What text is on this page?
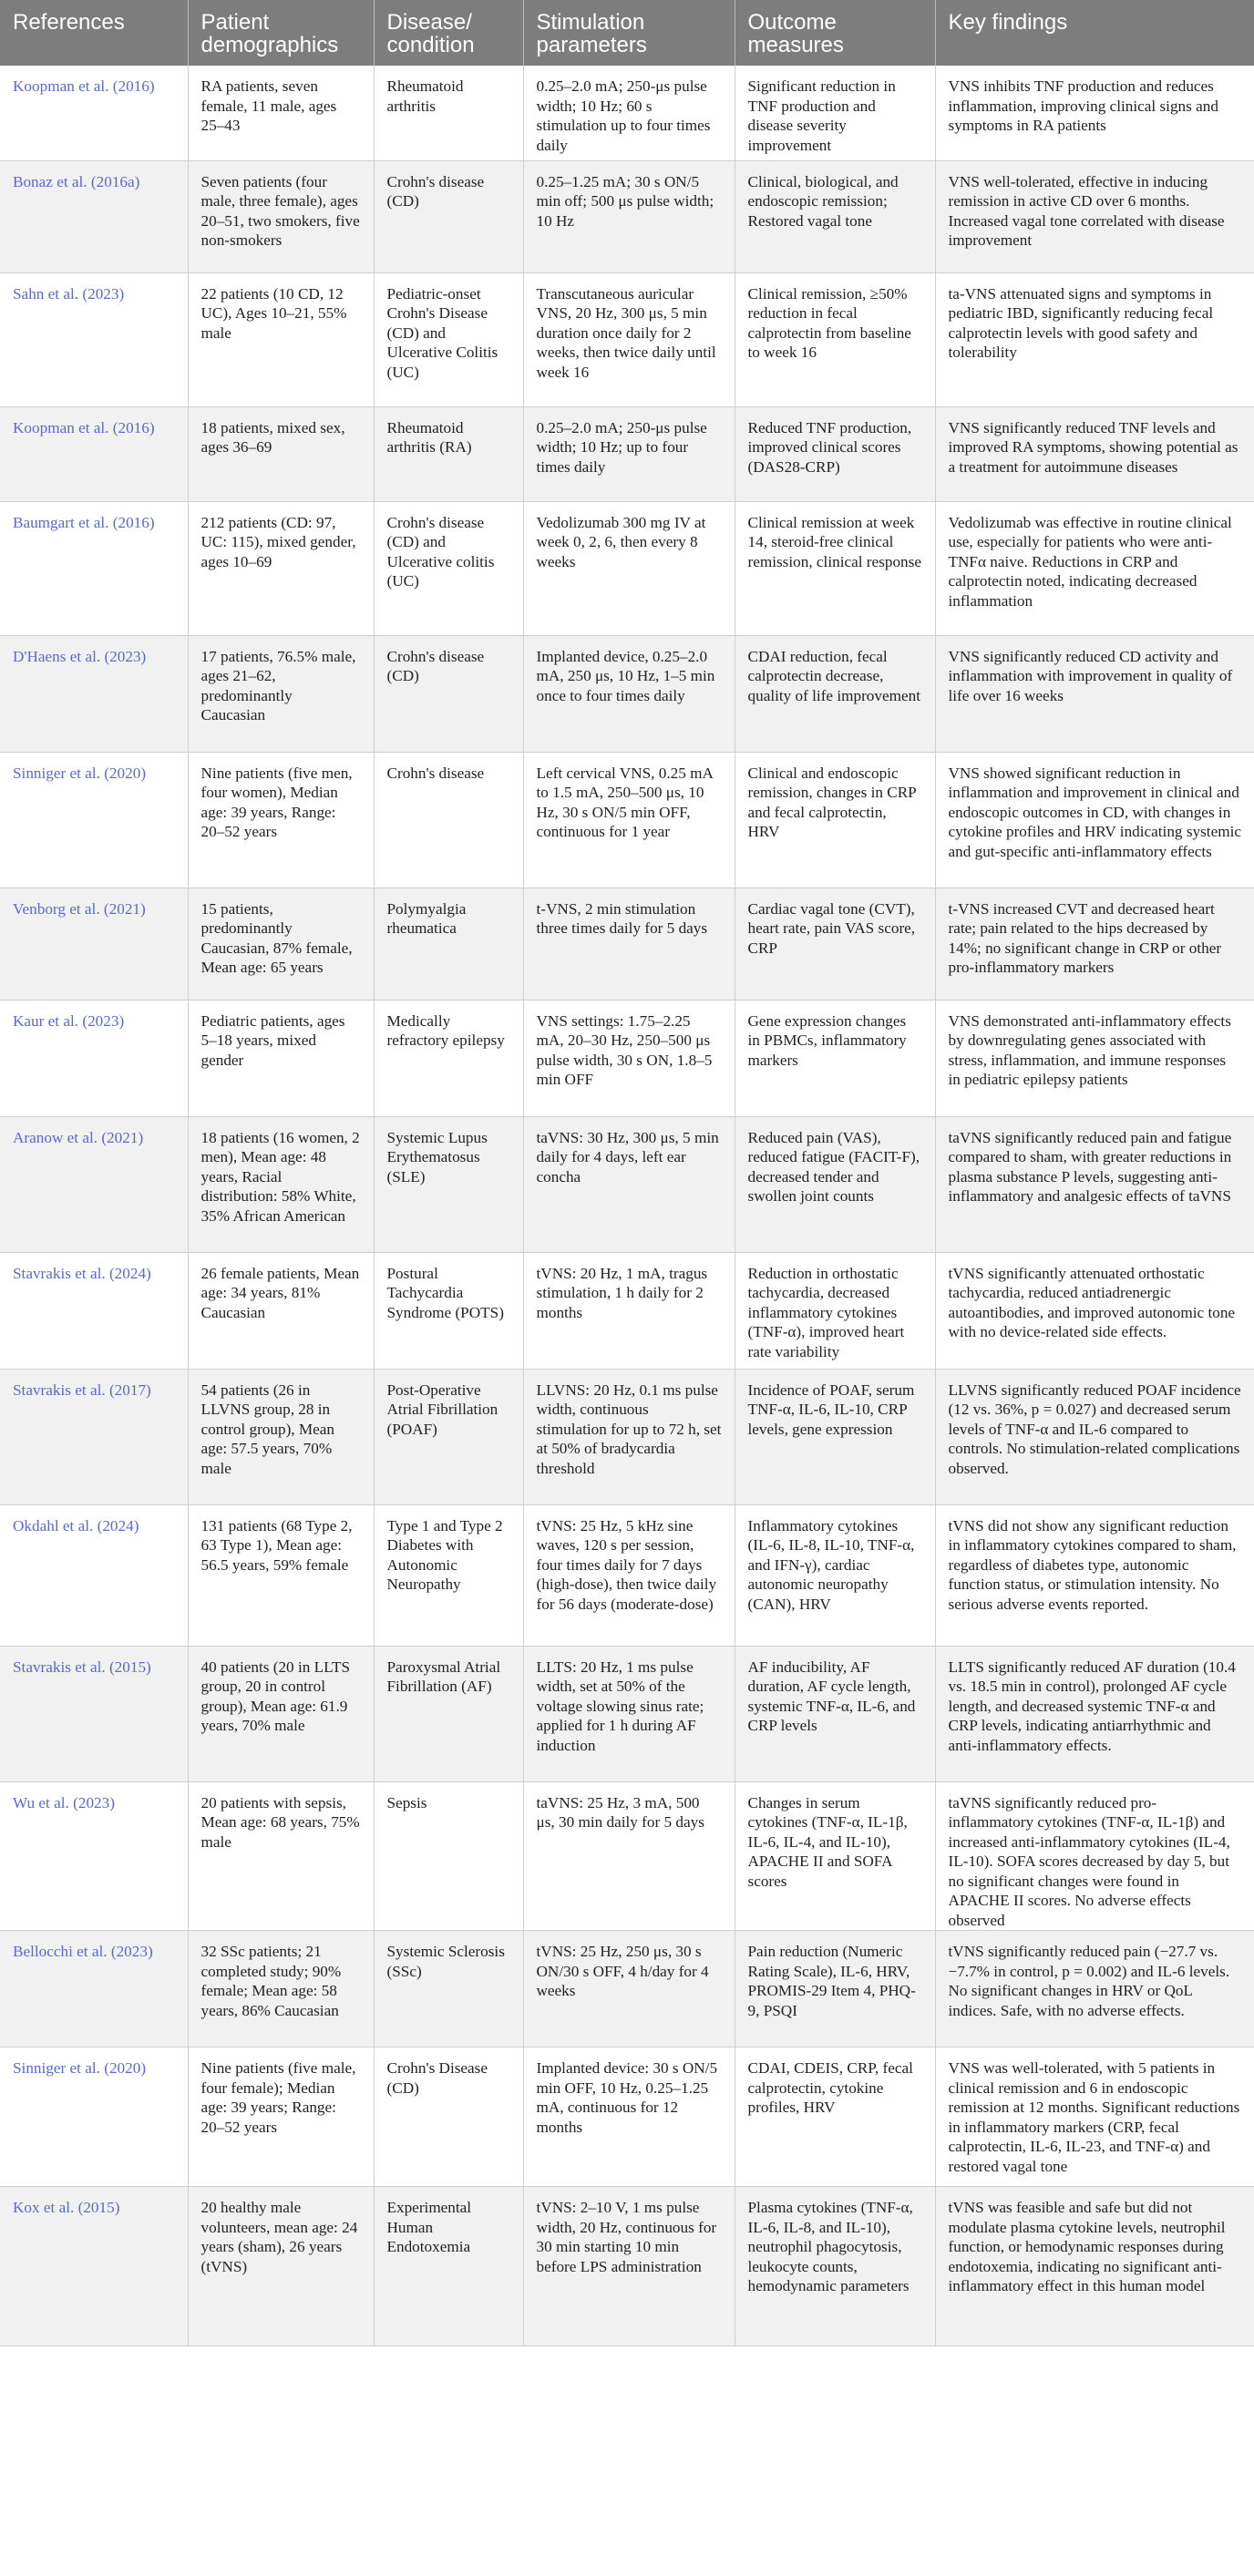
References	Patient demographics	Disease/ condition	Stimulation parameters	Outcome measures	Key findings
Koopman et al. (2016)	RA patients, seven female, 11 male, ages 25–43	Rheumatoid arthritis	0.25–2.0 mA; 250-μs pulse width; 10 Hz; 60 s stimulation up to four times daily	Significant reduction in TNF production and disease severity improvement	VNS inhibits TNF production and reduces inflammation, improving clinical signs and symptoms in RA patients
Bonaz et al. (2016a)	Seven patients (four male, three female), ages 20–51, two smokers, five non-smokers	Crohn's disease (CD)	0.25–1.25 mA; 30 s ON/5 min off; 500 μs pulse width; 10 Hz	Clinical, biological, and endoscopic remission; Restored vagal tone	VNS well-tolerated, effective in inducing remission in active CD over 6 months. Increased vagal tone correlated with disease improvement
Sahn et al. (2023)	22 patients (10 CD, 12 UC), Ages 10–21, 55% male	Pediatric-onset Crohn's Disease (CD) and Ulcerative Colitis (UC)	Transcutaneous auricular VNS, 20 Hz, 300 μs, 5 min duration once daily for 2 weeks, then twice daily until week 16	Clinical remission, ≥50% reduction in fecal calprotectin from baseline to week 16	ta-VNS attenuated signs and symptoms in pediatric IBD, significantly reducing fecal calprotectin levels with good safety and tolerability
Koopman et al. (2016)	18 patients, mixed sex, ages 36–69	Rheumatoid arthritis (RA)	0.25–2.0 mA; 250-μs pulse width; 10 Hz; up to four times daily	Reduced TNF production, improved clinical scores (DAS28-CRP)	VNS significantly reduced TNF levels and improved RA symptoms, showing potential as a treatment for autoimmune diseases
Baumgart et al. (2016)	212 patients (CD: 97, UC: 115), mixed gender, ages 10–69	Crohn's disease (CD) and Ulcerative colitis (UC)	Vedolizumab 300 mg IV at week 0, 2, 6, then every 8 weeks	Clinical remission at week 14, steroid-free clinical remission, clinical response	Vedolizumab was effective in routine clinical use, especially for patients who were anti-TNFα naive. Reductions in CRP and calprotectin noted, indicating decreased inflammation
D'Haens et al. (2023)	17 patients, 76.5% male, ages 21–62, predominantly Caucasian	Crohn's disease (CD)	Implanted device, 0.25–2.0 mA, 250 μs, 10 Hz, 1–5 min once to four times daily	CDAI reduction, fecal calprotectin decrease, quality of life improvement	VNS significantly reduced CD activity and inflammation with improvement in quality of life over 16 weeks
Sinniger et al. (2020)	Nine patients (five men, four women), Median age: 39 years, Range: 20–52 years	Crohn's disease	Left cervical VNS, 0.25 mA to 1.5 mA, 250–500 μs, 10 Hz, 30 s ON/5 min OFF, continuous for 1 year	Clinical and endoscopic remission, changes in CRP and fecal calprotectin, HRV	VNS showed significant reduction in inflammation and improvement in clinical and endoscopic outcomes in CD, with changes in cytokine profiles and HRV indicating systemic and gut-specific anti-inflammatory effects
Venborg et al. (2021)	15 patients, predominantly Caucasian, 87% female, Mean age: 65 years	Polymyalgia rheumatica	t-VNS, 2 min stimulation three times daily for 5 days	Cardiac vagal tone (CVT), heart rate, pain VAS score, CRP	t-VNS increased CVT and decreased heart rate; pain related to the hips decreased by 14%; no significant change in CRP or other pro-inflammatory markers
Kaur et al. (2023)	Pediatric patients, ages 5–18 years, mixed gender	Medically refractory epilepsy	VNS settings: 1.75–2.25 mA, 20–30 Hz, 250–500 μs pulse width, 30 s ON, 1.8–5 min OFF	Gene expression changes in PBMCs, inflammatory markers	VNS demonstrated anti-inflammatory effects by downregulating genes associated with stress, inflammation, and immune responses in pediatric epilepsy patients
Aranow et al. (2021)	18 patients (16 women, 2 men), Mean age: 48 years, Racial distribution: 58% White, 35% African American	Systemic Lupus Erythematosus (SLE)	taVNS: 30 Hz, 300 μs, 5 min daily for 4 days, left ear concha	Reduced pain (VAS), reduced fatigue (FACIT-F), decreased tender and swollen joint counts	taVNS significantly reduced pain and fatigue compared to sham, with greater reductions in plasma substance P levels, suggesting anti-inflammatory and analgesic effects of taVNS
Stavrakis et al. (2024)	26 female patients, Mean age: 34 years, 81% Caucasian	Postural Tachycardia Syndrome (POTS)	tVNS: 20 Hz, 1 mA, tragus stimulation, 1 h daily for 2 months	Reduction in orthostatic tachycardia, decreased inflammatory cytokines (TNF-α), improved heart rate variability	tVNS significantly attenuated orthostatic tachycardia, reduced antiadrenergic autoantibodies, and improved autonomic tone with no device-related side effects.
Stavrakis et al. (2017)	54 patients (26 in LLVNS group, 28 in control group), Mean age: 57.5 years, 70% male	Post-Operative Atrial Fibrillation (POAF)	LLVNS: 20 Hz, 0.1 ms pulse width, continuous stimulation for up to 72 h, set at 50% of bradycardia threshold	Incidence of POAF, serum TNF-α, IL-6, IL-10, CRP levels, gene expression	LLVNS significantly reduced POAF incidence (12 vs. 36%, p = 0.027) and decreased serum levels of TNF-α and IL-6 compared to controls. No stimulation-related complications observed.
Okdahl et al. (2024)	131 patients (68 Type 2, 63 Type 1), Mean age: 56.5 years, 59% female	Type 1 and Type 2 Diabetes with Autonomic Neuropathy	tVNS: 25 Hz, 5 kHz sine waves, 120 s per session, four times daily for 7 days (high-dose), then twice daily for 56 days (moderate-dose)	Inflammatory cytokines (IL-6, IL-8, IL-10, TNF-α, and IFN-γ), cardiac autonomic neuropathy (CAN), HRV	tVNS did not show any significant reduction in inflammatory cytokines compared to sham, regardless of diabetes type, autonomic function status, or stimulation intensity. No serious adverse events reported.
Stavrakis et al. (2015)	40 patients (20 in LLTS group, 20 in control group), Mean age: 61.9 years, 70% male	Paroxysmal Atrial Fibrillation (AF)	LLTS: 20 Hz, 1 ms pulse width, set at 50% of the voltage slowing sinus rate; applied for 1 h during AF induction	AF inducibility, AF duration, AF cycle length, systemic TNF-α, IL-6, and CRP levels	LLTS significantly reduced AF duration (10.4 vs. 18.5 min in control), prolonged AF cycle length, and decreased systemic TNF-α and CRP levels, indicating antiarrhythmic and anti-inflammatory effects.
Wu et al. (2023)	20 patients with sepsis, Mean age: 68 years, 75% male	Sepsis	taVNS: 25 Hz, 3 mA, 500 μs, 30 min daily for 5 days	Changes in serum cytokines (TNF-α, IL-1β, IL-6, IL-4, and IL-10), APACHE II and SOFA scores	taVNS significantly reduced pro-inflammatory cytokines (TNF-α, IL-1β) and increased anti-inflammatory cytokines (IL-4, IL-10). SOFA scores decreased by day 5, but no significant changes were found in APACHE II scores. No adverse effects observed
Bellocchi et al. (2023)	32 SSc patients; 21 completed study; 90% female; Mean age: 58 years, 86% Caucasian	Systemic Sclerosis (SSc)	tVNS: 25 Hz, 250 μs, 30 s ON/30 s OFF, 4 h/day for 4 weeks	Pain reduction (Numeric Rating Scale), IL-6, HRV, PROMIS-29 Item 4, PHQ-9, PSQI	tVNS significantly reduced pain (−27.7 vs. −7.7% in control, p = 0.002) and IL-6 levels. No significant changes in HRV or QoL indices. Safe, with no adverse effects.
Sinniger et al. (2020)	Nine patients (five male, four female); Median age: 39 years; Range: 20–52 years	Crohn's Disease (CD)	Implanted device: 30 s ON/5 min OFF, 10 Hz, 0.25–1.25 mA, continuous for 12 months	CDAI, CDEIS, CRP, fecal calprotectin, cytokine profiles, HRV	VNS was well-tolerated, with 5 patients in clinical remission and 6 in endoscopic remission at 12 months. Significant reductions in inflammatory markers (CRP, fecal calprotectin, IL-6, IL-23, and TNF-α) and restored vagal tone
Kox et al. (2015)	20 healthy male volunteers, mean age: 24 years (sham), 26 years (tVNS)	Experimental Human Endotoxemia	tVNS: 2–10 V, 1 ms pulse width, 20 Hz, continuous for 30 min starting 10 min before LPS administration	Plasma cytokines (TNF-α, IL-6, IL-8, and IL-10), neutrophil phagocytosis, leukocyte counts, hemodynamic parameters	tVNS was feasible and safe but did not modulate plasma cytokine levels, neutrophil function, or hemodynamic responses during endotoxemia, indicating no significant anti-inflammatory effect in this human model
